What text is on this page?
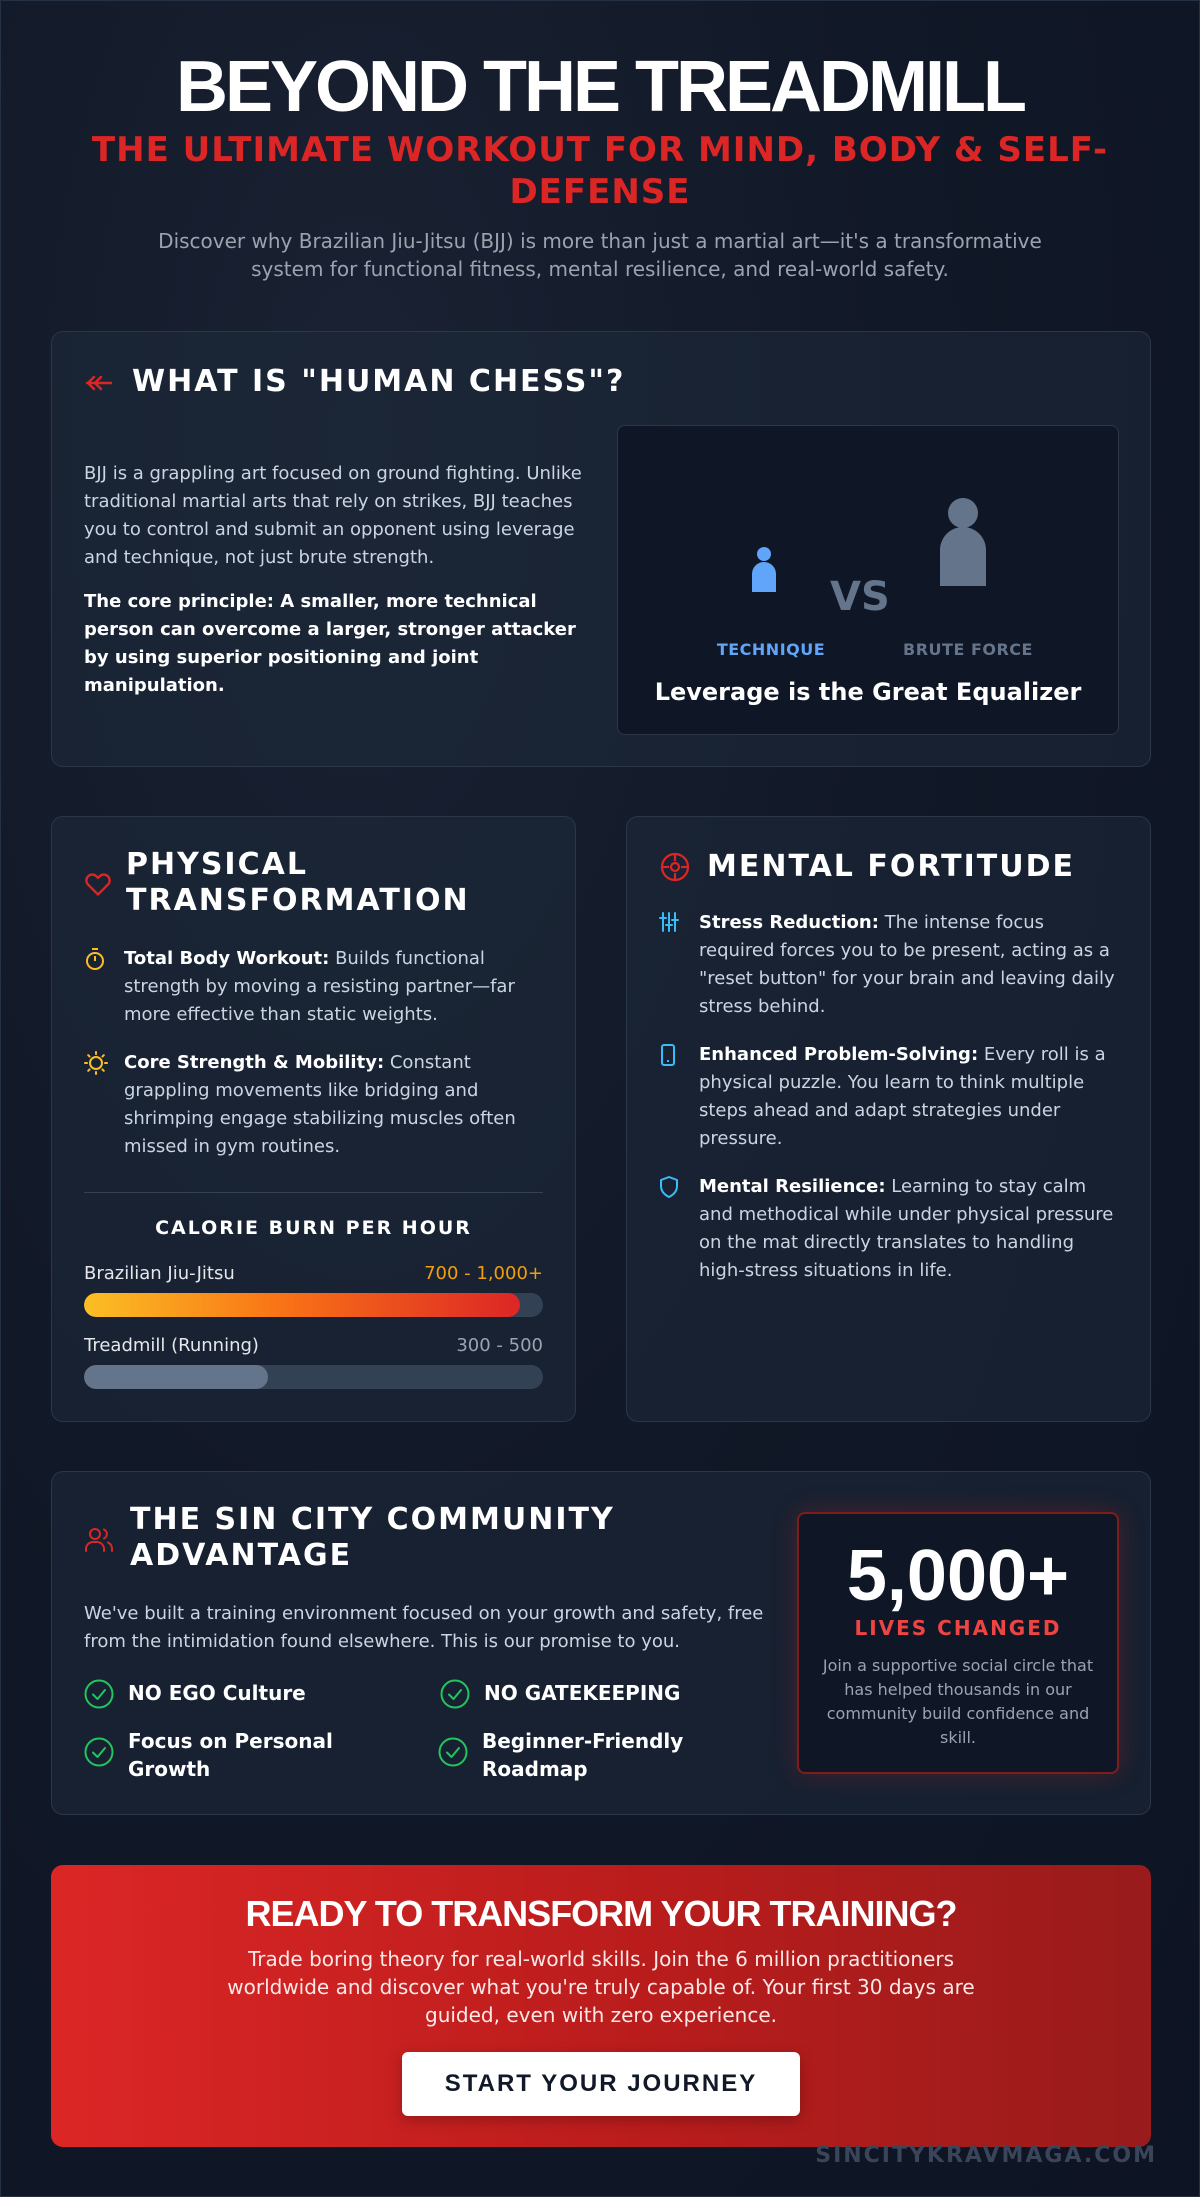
BEYOND THE TREADMILL
THE ULTIMATE WORKOUT FOR MIND, BODY & SELF-DEFENSE
Discover why Brazilian Jiu-Jitsu (BJJ) is more than just a martial art—it's a transformative system for functional fitness, mental resilience, and real-world safety.
WHAT IS "HUMAN CHESS"?

BJJ is a grappling art focused on ground fighting. Unlike traditional martial arts that rely on strikes, BJJ teaches you to control and submit an opponent using leverage and technique, not just brute strength.

The core principle: A smaller, more technical person can overcome a larger, stronger attacker by using superior positioning and joint manipulation.

VS
TECHNIQUE	BRUTE FORCE
Leverage is the Great Equalizer
PHYSICAL TRANSFORMATION

Total Body Workout: Builds functional strength by moving a resisting partner—far more effective than static weights.

Core Strength & Mobility: Constant grappling movements like bridging and shrimping engage stabilizing muscles often missed in gym routines.

CALORIE BURN PER HOUR
Brazilian Jiu-Jitsu	700 - 1,000+
Treadmill (Running)	300 - 500
MENTAL FORTITUDE

Stress Reduction: The intense focus required forces you to be present, acting as a "reset button" for your brain and leaving daily stress behind.

Enhanced Problem-Solving: Every roll is a physical puzzle. You learn to think multiple steps ahead and adapt strategies under pressure.

Mental Resilience: Learning to stay calm and methodical while under physical pressure on the mat directly translates to handling high-stress situations in life.

THE SIN CITY COMMUNITY ADVANTAGE

We've built a training environment focused on your growth and safety, free from the intimidation found elsewhere. This is our promise to you.

NO EGO Culture	NO GATEKEEPING

Focus on Personal Growth

Beginner-Friendly Roadmap

5,000+
LIVES CHANGED

Join a supportive social circle that has helped thousands in our community build confidence and skill.

READY TO TRANSFORM YOUR TRAINING?

Trade boring theory for real-world skills. Join the 6 million practitioners worldwide and discover what you're truly capable of. Your first 30 days are guided, even with zero experience.

START YOUR JOURNEY
SINCITYKRAVMAGA.COM
